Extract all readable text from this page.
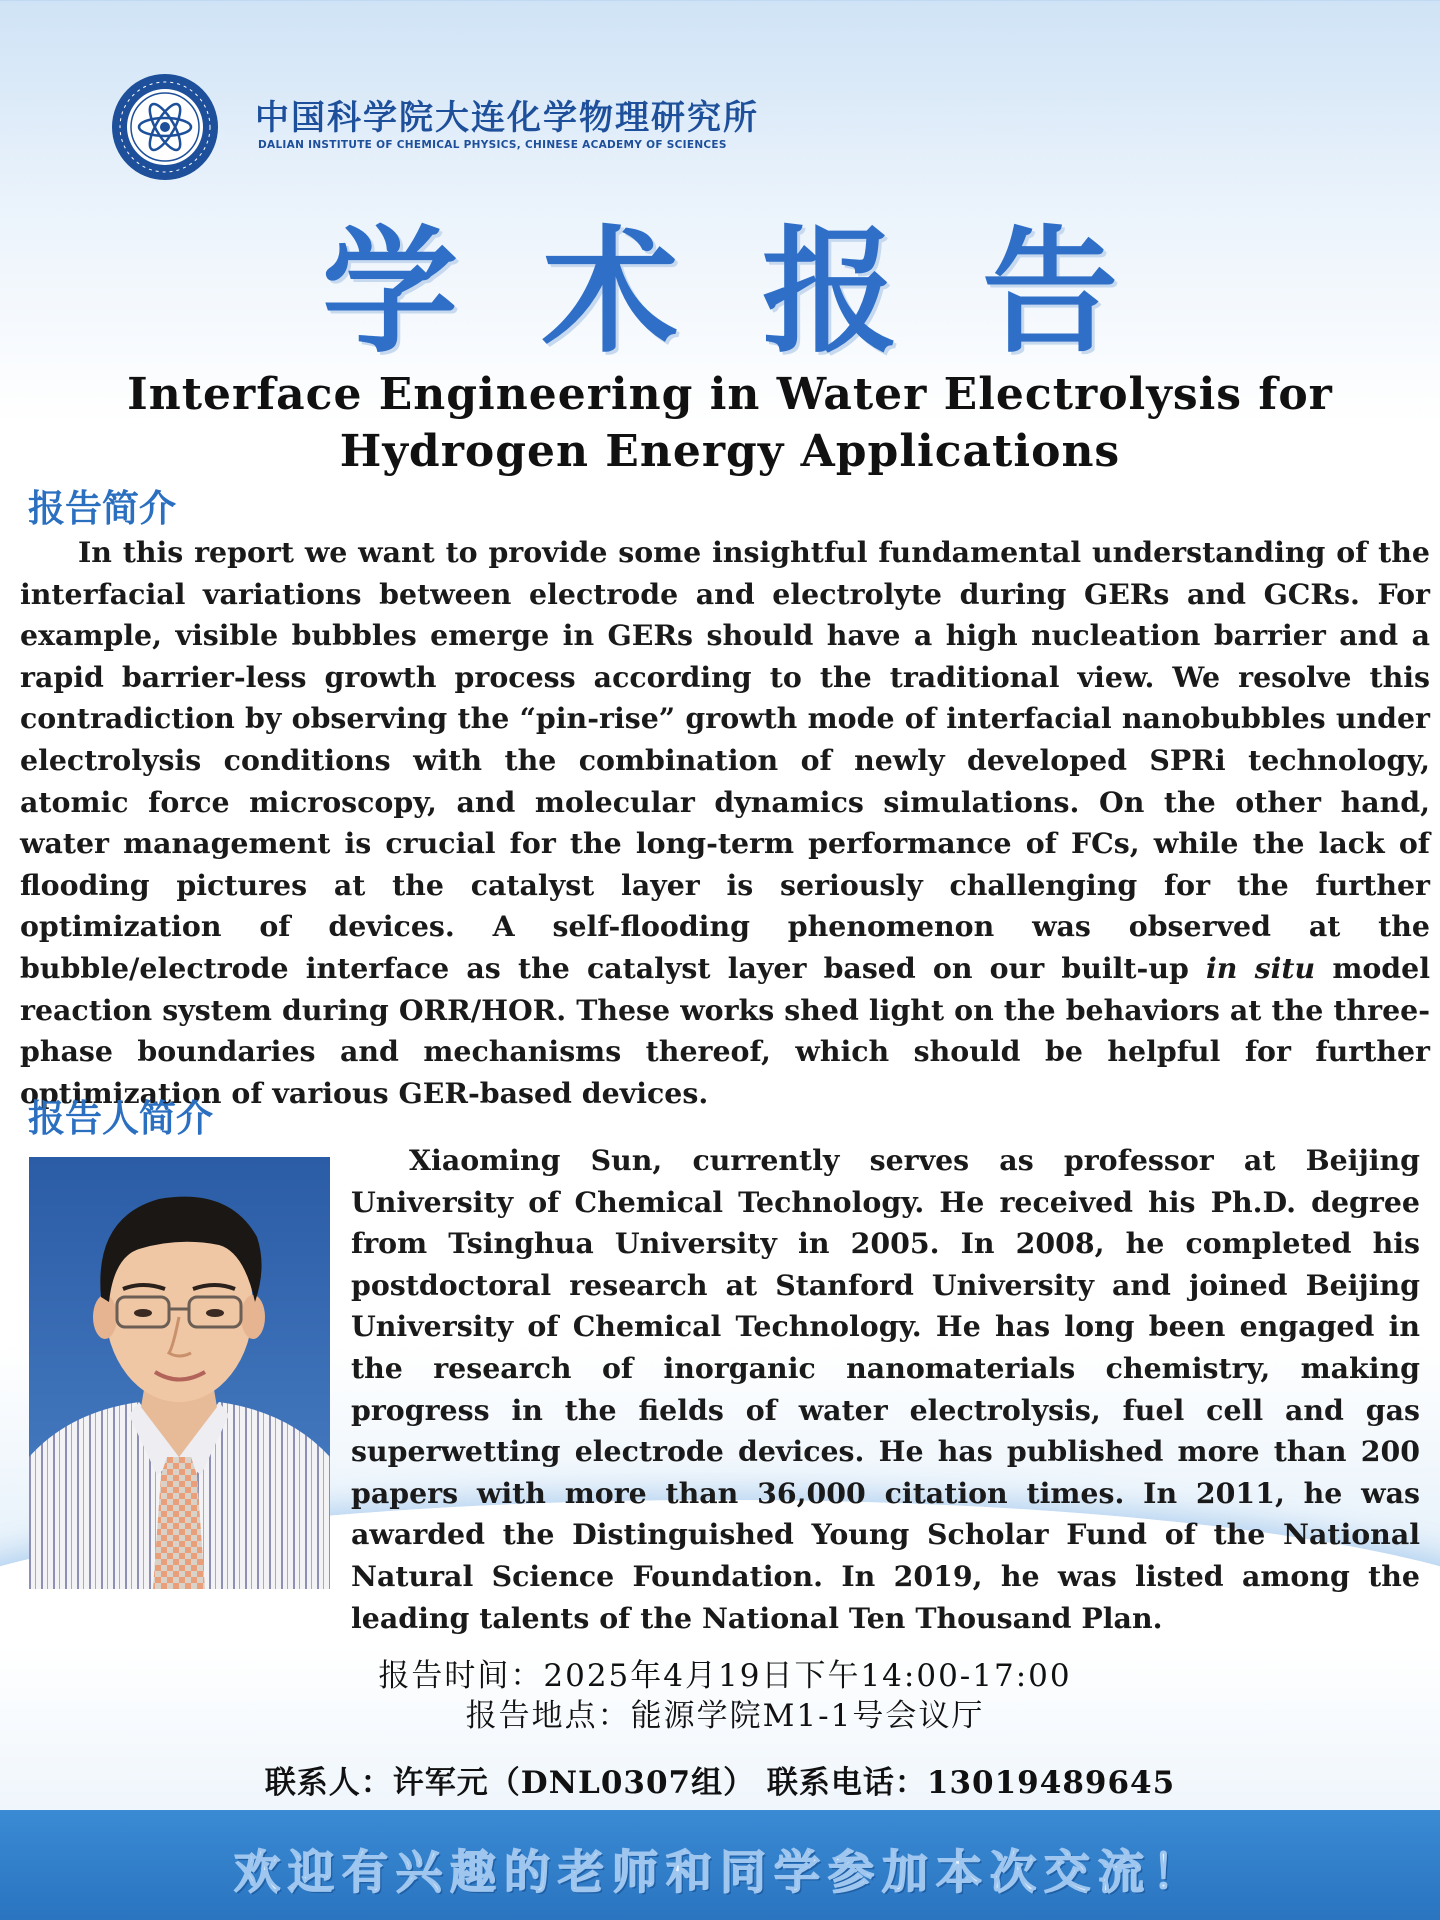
中国科学院大连化学物理研究所
DALIAN INSTITUTE OF CHEMICAL PHYSICS, CHINESE ACADEMY OF SCIENCES
学术报告
Interface Engineering in Water Electrolysis for Hydrogen Energy Applications
报告简介

In this report we want to provide some insightful fundamental understanding of the interfacial variations between electrode and electrolyte during GERs and GCRs. For example, visible bubbles emerge in GERs should have a high nucleation barrier and a rapid barrier-less growth process according to the traditional view. We resolve this contradiction by observing the “pin-rise” growth mode of interfacial nanobubbles under electrolysis conditions with the combination of newly developed SPRi technology, atomic force microscopy, and molecular dynamics simulations. On the other hand, water management is crucial for the long-term performance of FCs, while the lack of flooding pictures at the catalyst layer is seriously challenging for the further optimization of devices. A self-flooding phenomenon was observed at the bubble/electrode interface as the catalyst layer based on our built-up in situ model reaction system during ORR/HOR. These works shed light on the behaviors at the three-phase boundaries and mechanisms thereof, which should be helpful for further optimization of various GER-based devices.

报告人简介

Xiaoming Sun, currently serves as professor at Beijing University of Chemical Technology. He received his Ph.D. degree from Tsinghua University in 2005. In 2008, he completed his postdoctoral research at Stanford University and joined Beijing University of Chemical Technology. He has long been engaged in the research of inorganic nanomaterials chemistry, making progress in the fields of water electrolysis, fuel cell and gas superwetting electrode devices. He has published more than 200 papers with more than 36,000 citation times. In 2011, he was awarded the Distinguished Young Scholar Fund of the National Natural Science Foundation. In 2019, he was listed among the leading talents of the National Ten Thousand Plan.

报告时间：2025年4月19日下午14:00-17:00
报告地点：能源学院M1-1号会议厅
联系人：许军元（DNL0307组） 联系电话：13019489645
欢迎有兴趣的老师和同学参加本次交流！
